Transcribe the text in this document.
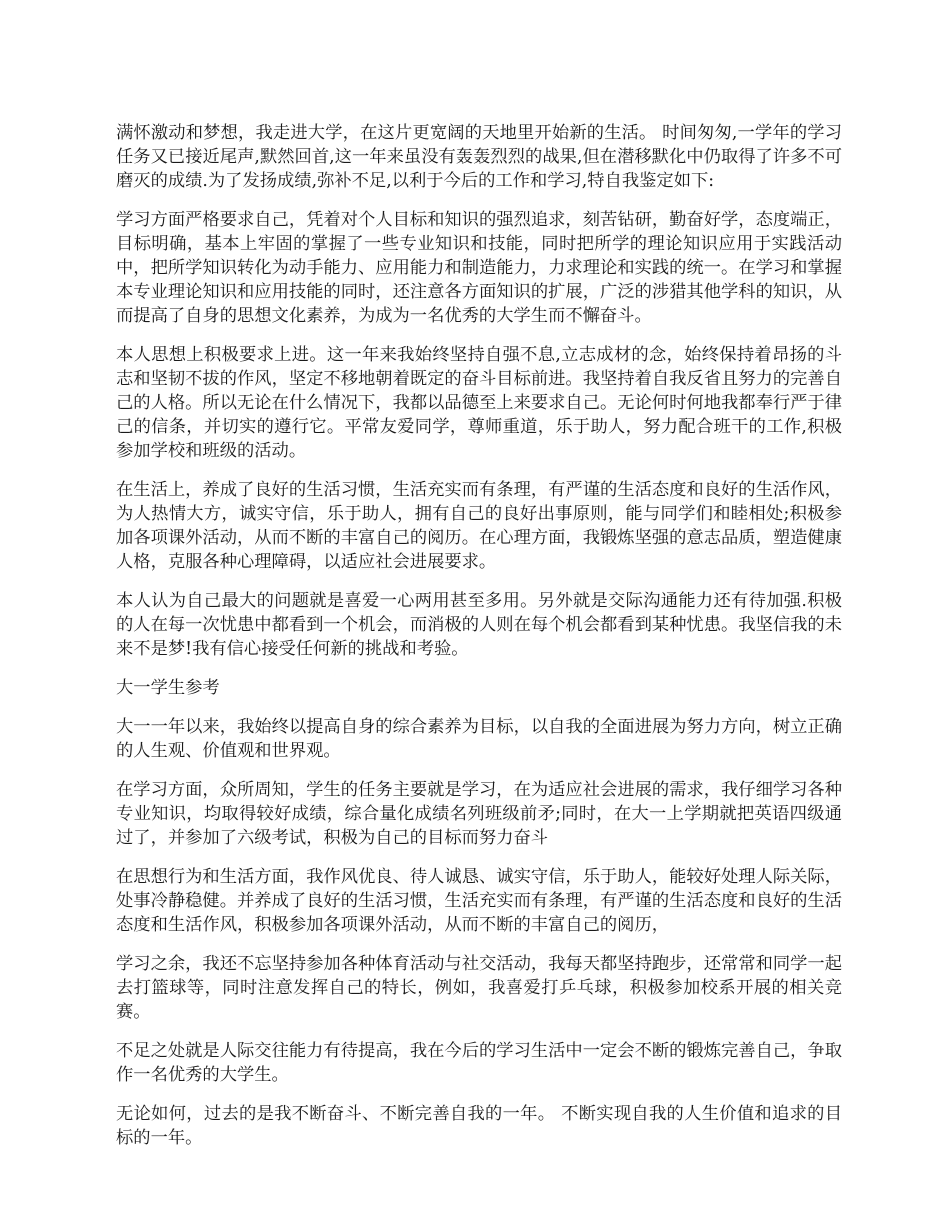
满怀激动和梦想，我走进大学，在这片更宽阔的天地里开始新的生活。 时间匆匆,一学年的学习任务又已接近尾声,默然回首,这一年来虽没有轰轰烈烈的战果,但在潜移默化中仍取得了许多不可磨灭的成绩.为了发扬成绩,弥补不足,以利于今后的工作和学习,特自我鉴定如下:

学习方面严格要求自己，凭着对个人目标和知识的强烈追求，刻苦钻研，勤奋好学，态度端正，目标明确，基本上牢固的掌握了一些专业知识和技能，同时把所学的理论知识应用于实践活动中，把所学知识转化为动手能力、应用能力和制造能力，力求理论和实践的统一。在学习和掌握本专业理论知识和应用技能的同时，还注意各方面知识的扩展，广泛的涉猎其他学科的知识，从而提高了自身的思想文化素养，为成为一名优秀的大学生而不懈奋斗。

本人思想上积极要求上进。这一年来我始终坚持自强不息,立志成材的念，始终保持着昂扬的斗志和坚韧不拔的作风，坚定不移地朝着既定的奋斗目标前进。我坚持着自我反省且努力的完善自己的人格。所以无论在什么情况下，我都以品德至上来要求自己。无论何时何地我都奉行严于律己的信条，并切实的遵行它。平常友爱同学，尊师重道，乐于助人，努力配合班干的工作,积极参加学校和班级的活动。

在生活上，养成了良好的生活习惯，生活充实而有条理，有严谨的生活态度和良好的生活作风，为人热情大方，诚实守信，乐于助人，拥有自己的良好出事原则，能与同学们和睦相处;积极参加各项课外活动，从而不断的丰富自己的阅历。在心理方面，我锻炼坚强的意志品质，塑造健康人格，克服各种心理障碍，以适应社会进展要求。

本人认为自己最大的问题就是喜爱一心两用甚至多用。另外就是交际沟通能力还有待加强.积极的人在每一次忧患中都看到一个机会，而消极的人则在每个机会都看到某种忧患。我坚信我的未来不是梦!我有信心接受任何新的挑战和考验。

大一学生参考

大一一年以来，我始终以提高自身的综合素养为目标，以自我的全面进展为努力方向，树立正确的人生观、价值观和世界观。

在学习方面，众所周知，学生的任务主要就是学习，在为适应社会进展的需求，我仔细学习各种专业知识，均取得较好成绩，综合量化成绩名列班级前矛;同时，在大一上学期就把英语四级通过了，并参加了六级考试，积极为自己的目标而努力奋斗

在思想行为和生活方面，我作风优良、待人诚恳、诚实守信，乐于助人，能较好处理人际关际，处事冷静稳健。并养成了良好的生活习惯，生活充实而有条理，有严谨的生活态度和良好的生活态度和生活作风，积极参加各项课外活动，从而不断的丰富自己的阅历，

学习之余，我还不忘坚持参加各种体育活动与社交活动，我每天都坚持跑步，还常常和同学一起去打篮球等，同时注意发挥自己的特长，例如，我喜爱打乒乓球，积极参加校系开展的相关竞赛。

不足之处就是人际交往能力有待提高，我在今后的学习生活中一定会不断的锻炼完善自己，争取作一名优秀的大学生。

无论如何，过去的是我不断奋斗、不断完善自我的一年。 不断实现自我的人生价值和追求的目标的一年。
